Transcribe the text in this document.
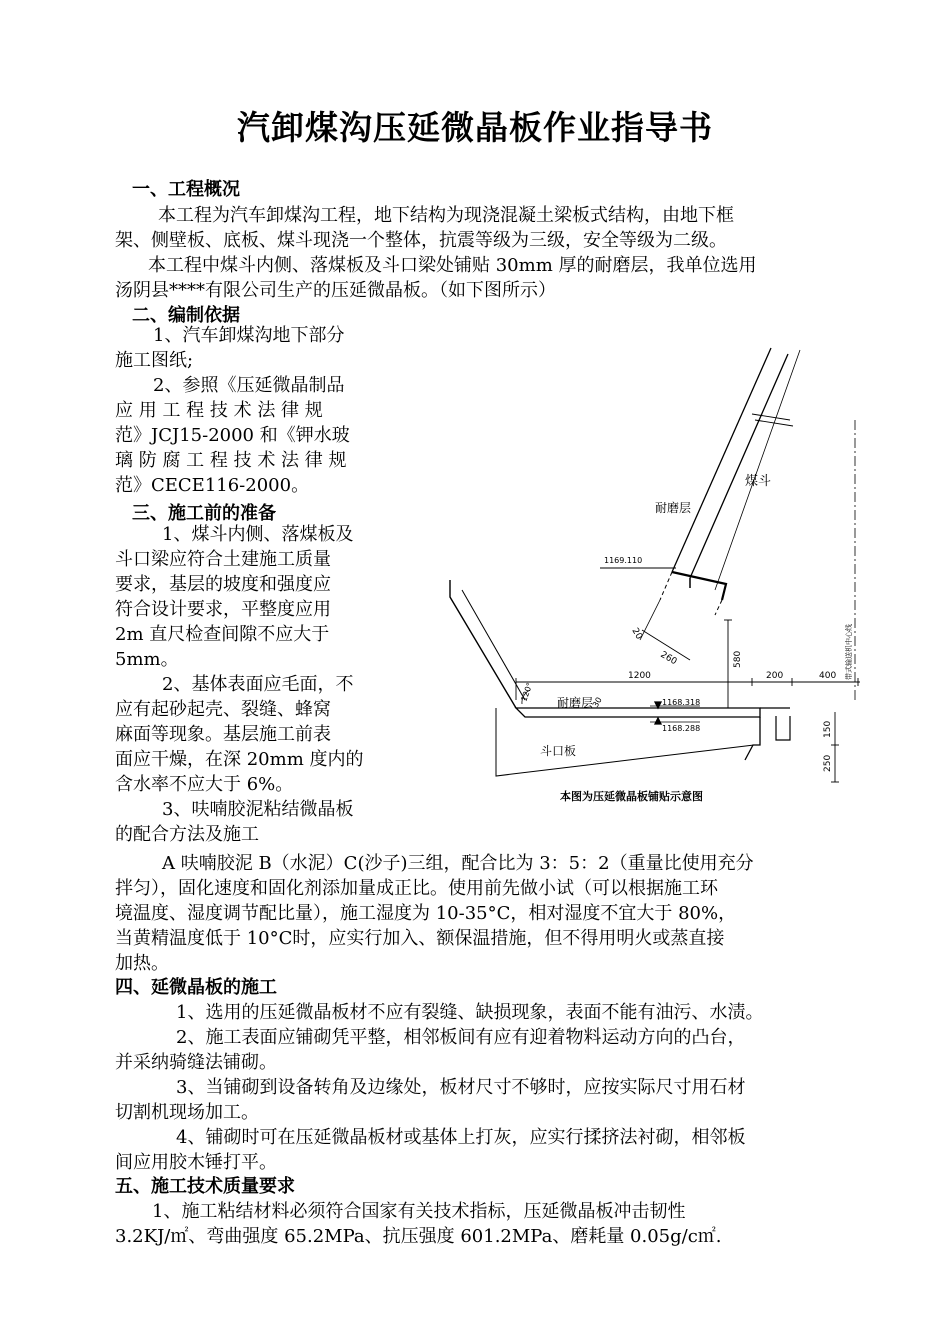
汽卸煤沟压延微晶板作业指导书
一、工程概况
本工程为汽车卸煤沟工程，地下结构为现浇混凝土梁板式结构，由地下框
架、侧壁板、底板、煤斗现浇一个整体，抗震等级为三级，安全等级为二级。
本工程中煤斗内侧、落煤板及斗口梁处铺贴 30mm 厚的耐磨层，我单位选用
汤阴县****有限公司生产的压延微晶板。（如下图所示）
二、编制依据
1、汽车卸煤沟地下部分
施工图纸;
2、参照《压延微晶制品
应 用 工 程 技 术 法 律 规
范》JCJ15-2000 和《钾水玻
璃 防 腐 工 程 技 术 法 律 规
范》CECE116-2000。
三、施工前的准备
1、煤斗内侧、落煤板及
斗口梁应符合土建施工质量
要求，基层的坡度和强度应
符合设计要求，平整度应用
2m 直尺检查间隙不应大于
5mm。
2、基体表面应毛面，不
应有起砂起壳、裂缝、蜂窝
麻面等现象。基层施工前表
面应干燥，在深 20mm 度内的
含水率不应大于 6%。
3、呋喃胶泥粘结微晶板
的配合方法及施工
A 呋喃胶泥 B（水泥）C(沙子)三组，配合比为 3：5：2（重量比使用充分
拌匀），固化速度和固化剂添加量成正比。使用前先做小试（可以根据施工环
境温度、湿度调节配比量），施工湿度为 10-35°C，相对湿度不宜大于 80%，
当黄精温度低于 10°C时，应实行加入、额保温措施，但不得用明火或蒸直接
加热。
四、延微晶板的施工
1、选用的压延微晶板材不应有裂缝、缺损现象，表面不能有油污、水渍。
2、施工表面应铺砌凭平整，相邻板间有应有迎着物料运动方向的凸台，
并采纳骑缝法铺砌。
3、当铺砌到设备转角及边缘处，板材尺寸不够时，应按实际尺寸用石材
切割机现场加工。
4、铺砌时可在压延微晶板材或基体上打灰，应实行揉挤法衬砌，相邻板
间应用胶木锤打平。
五、施工技术质量要求
1、施工粘结材料必须符合国家有关技术指标，压延微晶板冲击韧性
3.2KJ/㎡、弯曲强度 65.2MPa、抗压强度 601.2MPa、磨耗量 0.05g/c㎡.
煤斗
耐磨层
耐磨层
斗口板
1169.110
1168.318
1168.288
1200	200	400
580
260
20
150
250
30
120°
带式输送机中心线
本图为压延微晶板铺贴示意图
